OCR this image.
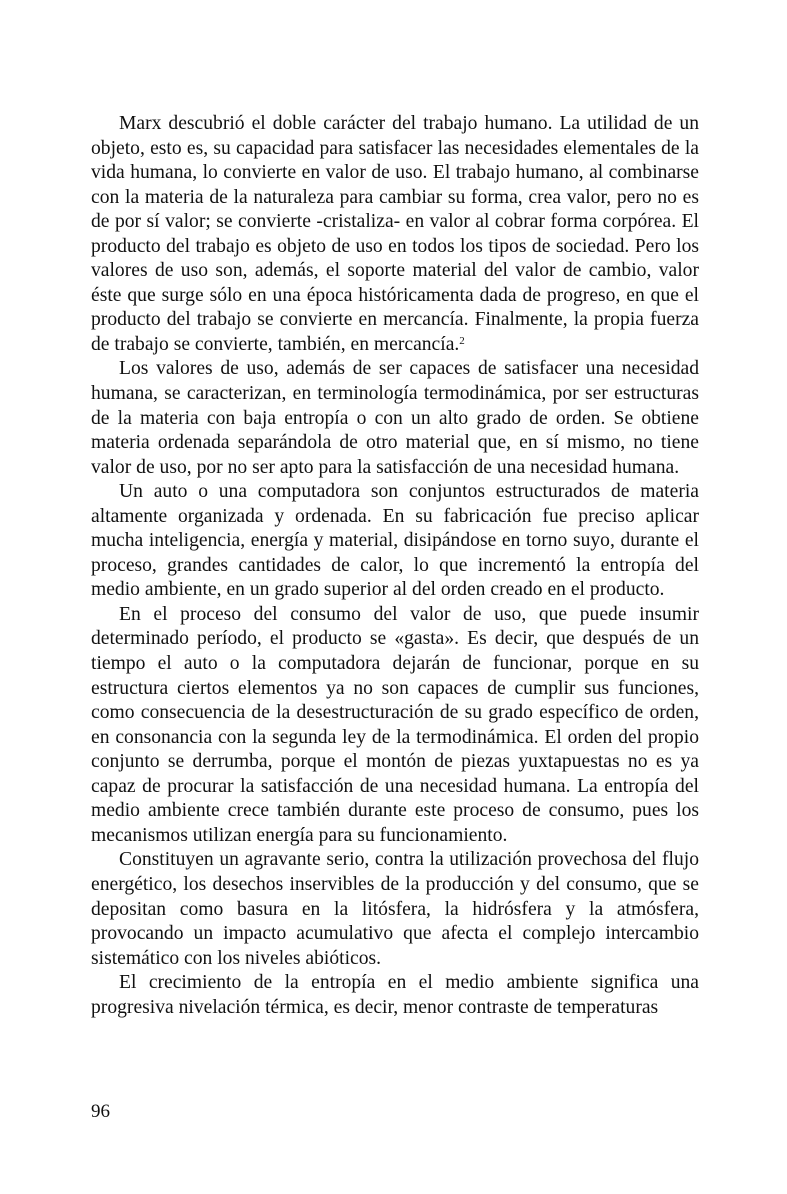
Marx descubrió el doble carácter del trabajo humano. La utilidad de un objeto, esto es, su capacidad para satisfacer las necesidades elementales de la vida humana, lo convierte en valor de uso. El trabajo humano, al combinarse con la materia de la naturaleza para cambiar su forma, crea valor, pero no es de por sí valor; se convierte -cristaliza- en valor al cobrar forma corpórea. El producto del trabajo es objeto de uso en todos los tipos de sociedad. Pero los valores de uso son, además, el soporte material del valor de cambio, valor éste que surge sólo en una época históricamenta dada de progreso, en que el producto del trabajo se convierte en mercancía. Finalmente, la propia fuerza de trabajo se convierte, también, en mercancía.$^2$

Los valores de uso, además de ser capaces de satisfacer una necesidad humana, se caracterizan, en terminología termodinámica, por ser estructuras de la materia con baja entropía o con un alto grado de orden. Se obtiene materia ordenada separándola de otro material que, en sí mismo, no tiene valor de uso, por no ser apto para la satisfacción de una necesidad humana.

Un auto o una computadora son conjuntos estructurados de materia altamente organizada y ordenada. En su fabricación fue preciso aplicar mucha inteligencia, energía y material, disipándose en torno suyo, durante el proceso, grandes cantidades de calor, lo que incrementó la entropía del medio ambiente, en un grado superior al del orden creado en el producto.

En el proceso del consumo del valor de uso, que puede insumir determinado período, el producto se «gasta». Es decir, que después de un tiempo el auto o la computadora dejarán de funcionar, porque en su estructura ciertos elementos ya no son capaces de cumplir sus funciones, como consecuencia de la desestructuración de su grado específico de orden, en consonancia con la segunda ley de la termodinámica. El orden del propio conjunto se derrumba, porque el montón de piezas yuxtapuestas no es ya capaz de procurar la satisfacción de una necesidad humana. La entropía del medio ambiente crece también durante este proceso de consumo, pues los mecanismos utilizan energía para su funcionamiento.

Constituyen un agravante serio, contra la utilización provechosa del flujo energético, los desechos inservibles de la producción y del consumo, que se depositan como basura en la litósfera, la hidrósfera y la atmósfera, provocando un impacto acumulativo que afecta el complejo intercambio sistemático con los niveles abióticos.

El crecimiento de la entropía en el medio ambiente significa una progresiva nivelación térmica, es decir, menor contraste de temperaturas

96
